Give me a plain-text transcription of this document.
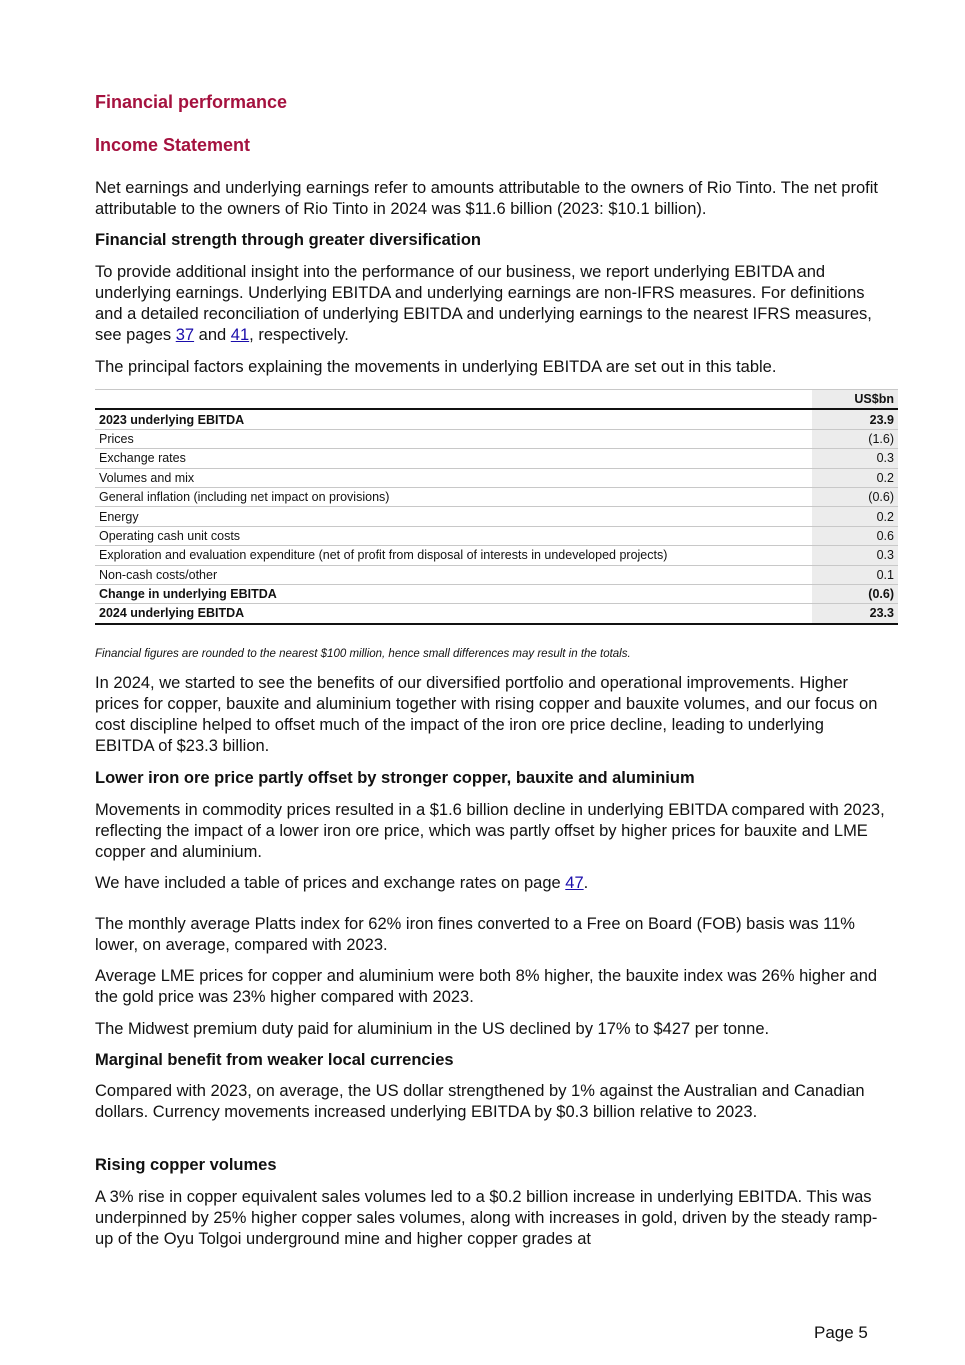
Financial performance
Income Statement

Net earnings and underlying earnings refer to amounts attributable to the owners of Rio Tinto. The net profit attributable to the owners of Rio Tinto in 2024 was $11.6 billion (2023: $10.1 billion).

Financial strength through greater diversification

To provide additional insight into the performance of our business, we report underlying EBITDA and underlying earnings. Underlying EBITDA and underlying earnings are non-IFRS measures. For definitions and a detailed reconciliation of underlying EBITDA and underlying earnings to the nearest IFRS measures, see pages 37 and 41, respectively.

The principal factors explaining the movements in underlying EBITDA are set out in this table.

	US$bn
2023 underlying EBITDA	23.9
Prices	(1.6)
Exchange rates	0.3
Volumes and mix	0.2
General inflation (including net impact on provisions)	(0.6)
Energy	0.2
Operating cash unit costs	0.6
Exploration and evaluation expenditure (net of profit from disposal of interests in undeveloped projects)	0.3
Non-cash costs/other	0.1
Change in underlying EBITDA	(0.6)
2024 underlying EBITDA	23.3

Financial figures are rounded to the nearest $100 million, hence small differences may result in the totals.

In 2024, we started to see the benefits of our diversified portfolio and operational improvements. Higher prices for copper, bauxite and aluminium together with rising copper and bauxite volumes, and our focus on cost discipline helped to offset much of the impact of the iron ore price decline, leading to underlying EBITDA of $23.3 billion.

Lower iron ore price partly offset by stronger copper, bauxite and aluminium

Movements in commodity prices resulted in a $1.6 billion decline in underlying EBITDA compared with 2023, reflecting the impact of a lower iron ore price, which was partly offset by higher prices for bauxite and LME copper and aluminium.

We have included a table of prices and exchange rates on page 47.

The monthly average Platts index for 62% iron fines converted to a Free on Board (FOB) basis was 11% lower, on average, compared with 2023.

Average LME prices for copper and aluminium were both 8% higher, the bauxite index was 26% higher and the gold price was 23% higher compared with 2023.

The Midwest premium duty paid for aluminium in the US declined by 17% to $427 per tonne.

Marginal benefit from weaker local currencies

Compared with 2023, on average, the US dollar strengthened by 1% against the Australian and Canadian dollars. Currency movements increased underlying EBITDA by $0.3 billion relative to 2023.

Rising copper volumes

A 3% rise in copper equivalent sales volumes led to a $0.2 billion increase in underlying EBITDA. This was underpinned by 25% higher copper sales volumes, along with increases in gold, driven by the steady ramp-up of the Oyu Tolgoi underground mine and higher copper grades at

Page 5
